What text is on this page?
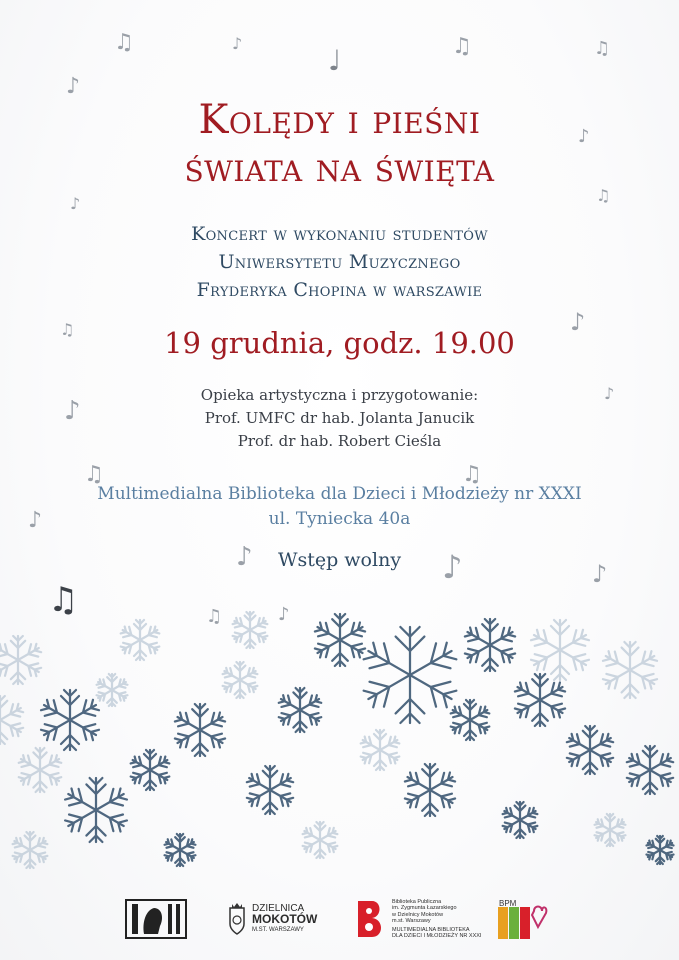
♫	♪
♩	♫	♫
♪
♪
♫
♪
♫	♪
♪
♪
♫	♫
♪
♪	♪	♪
♫	♫	♪
Kolędy i pieśni
świata na święta
Koncert w wykonaniu studentów
Uniwersytetu Muzycznego
Fryderyka Chopina w warszawie
19 grudnia, godz. 19.00
Opieka artystyczna i przygotowanie:
Prof. UMFC dr hab. Jolanta Janucik
Prof. dr hab. Robert Cieśla
Multimedialna Biblioteka dla Dzieci i Młodzieży nr XXXI
ul. Tyniecka 40a
Wstęp wolny
DZIELNICA
MOKOTÓW
M.ST. WARSZAWY
Biblioteka Publiczna
im. Zygmunta Łazarskiego
w Dzielnicy Mokotów
m.st. Warszawy
MULTIMEDIALNA BIBLIOTEKA
DLA DZIECI I MŁODZIEŻY NR XXXI
BPM
